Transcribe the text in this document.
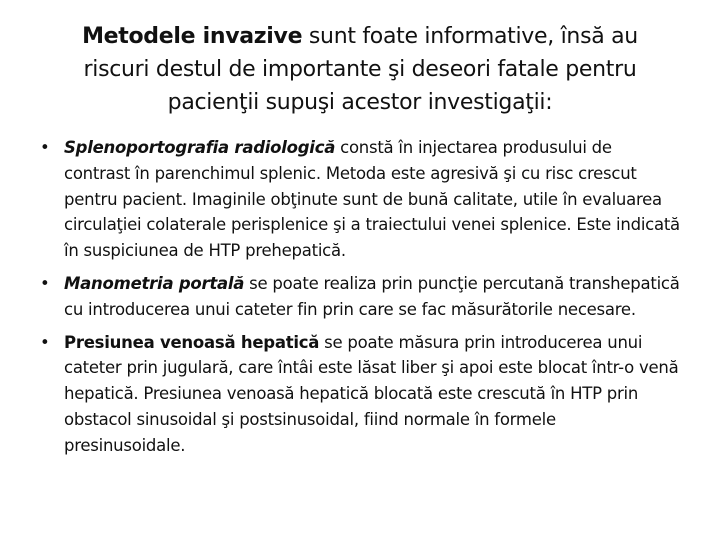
Metodele invazive sunt foate informative, însă au riscuri destul de importante şi deseori fatale pentru pacienţii supuşi acestor investigaţii:
• Splenoportografia radiologică constă în injectarea produsului de contrast în parenchimul splenic. Metoda este agresivă şi cu risc crescut pentru pacient. Imaginile obţinute sunt de bună calitate, utile în evaluarea circulaţiei colaterale perisplenice şi a traiectului venei splenice. Este indicată în suspiciunea de HTP prehepatică.
• Manometria portală se poate realiza prin puncţie percutană transhepatică cu introducerea unui cateter fin prin care se fac măsurătorile necesare.
• Presiunea venoasă hepatică se poate măsura prin introducerea unui cateter prin jugulară, care întâi este lăsat liber şi apoi este blocat într-o venă hepatică. Presiunea venoasă hepatică blocată este crescută în HTP prin obstacol sinusoidal şi postsinusoidal, fiind normale în formele presinusoidale.
